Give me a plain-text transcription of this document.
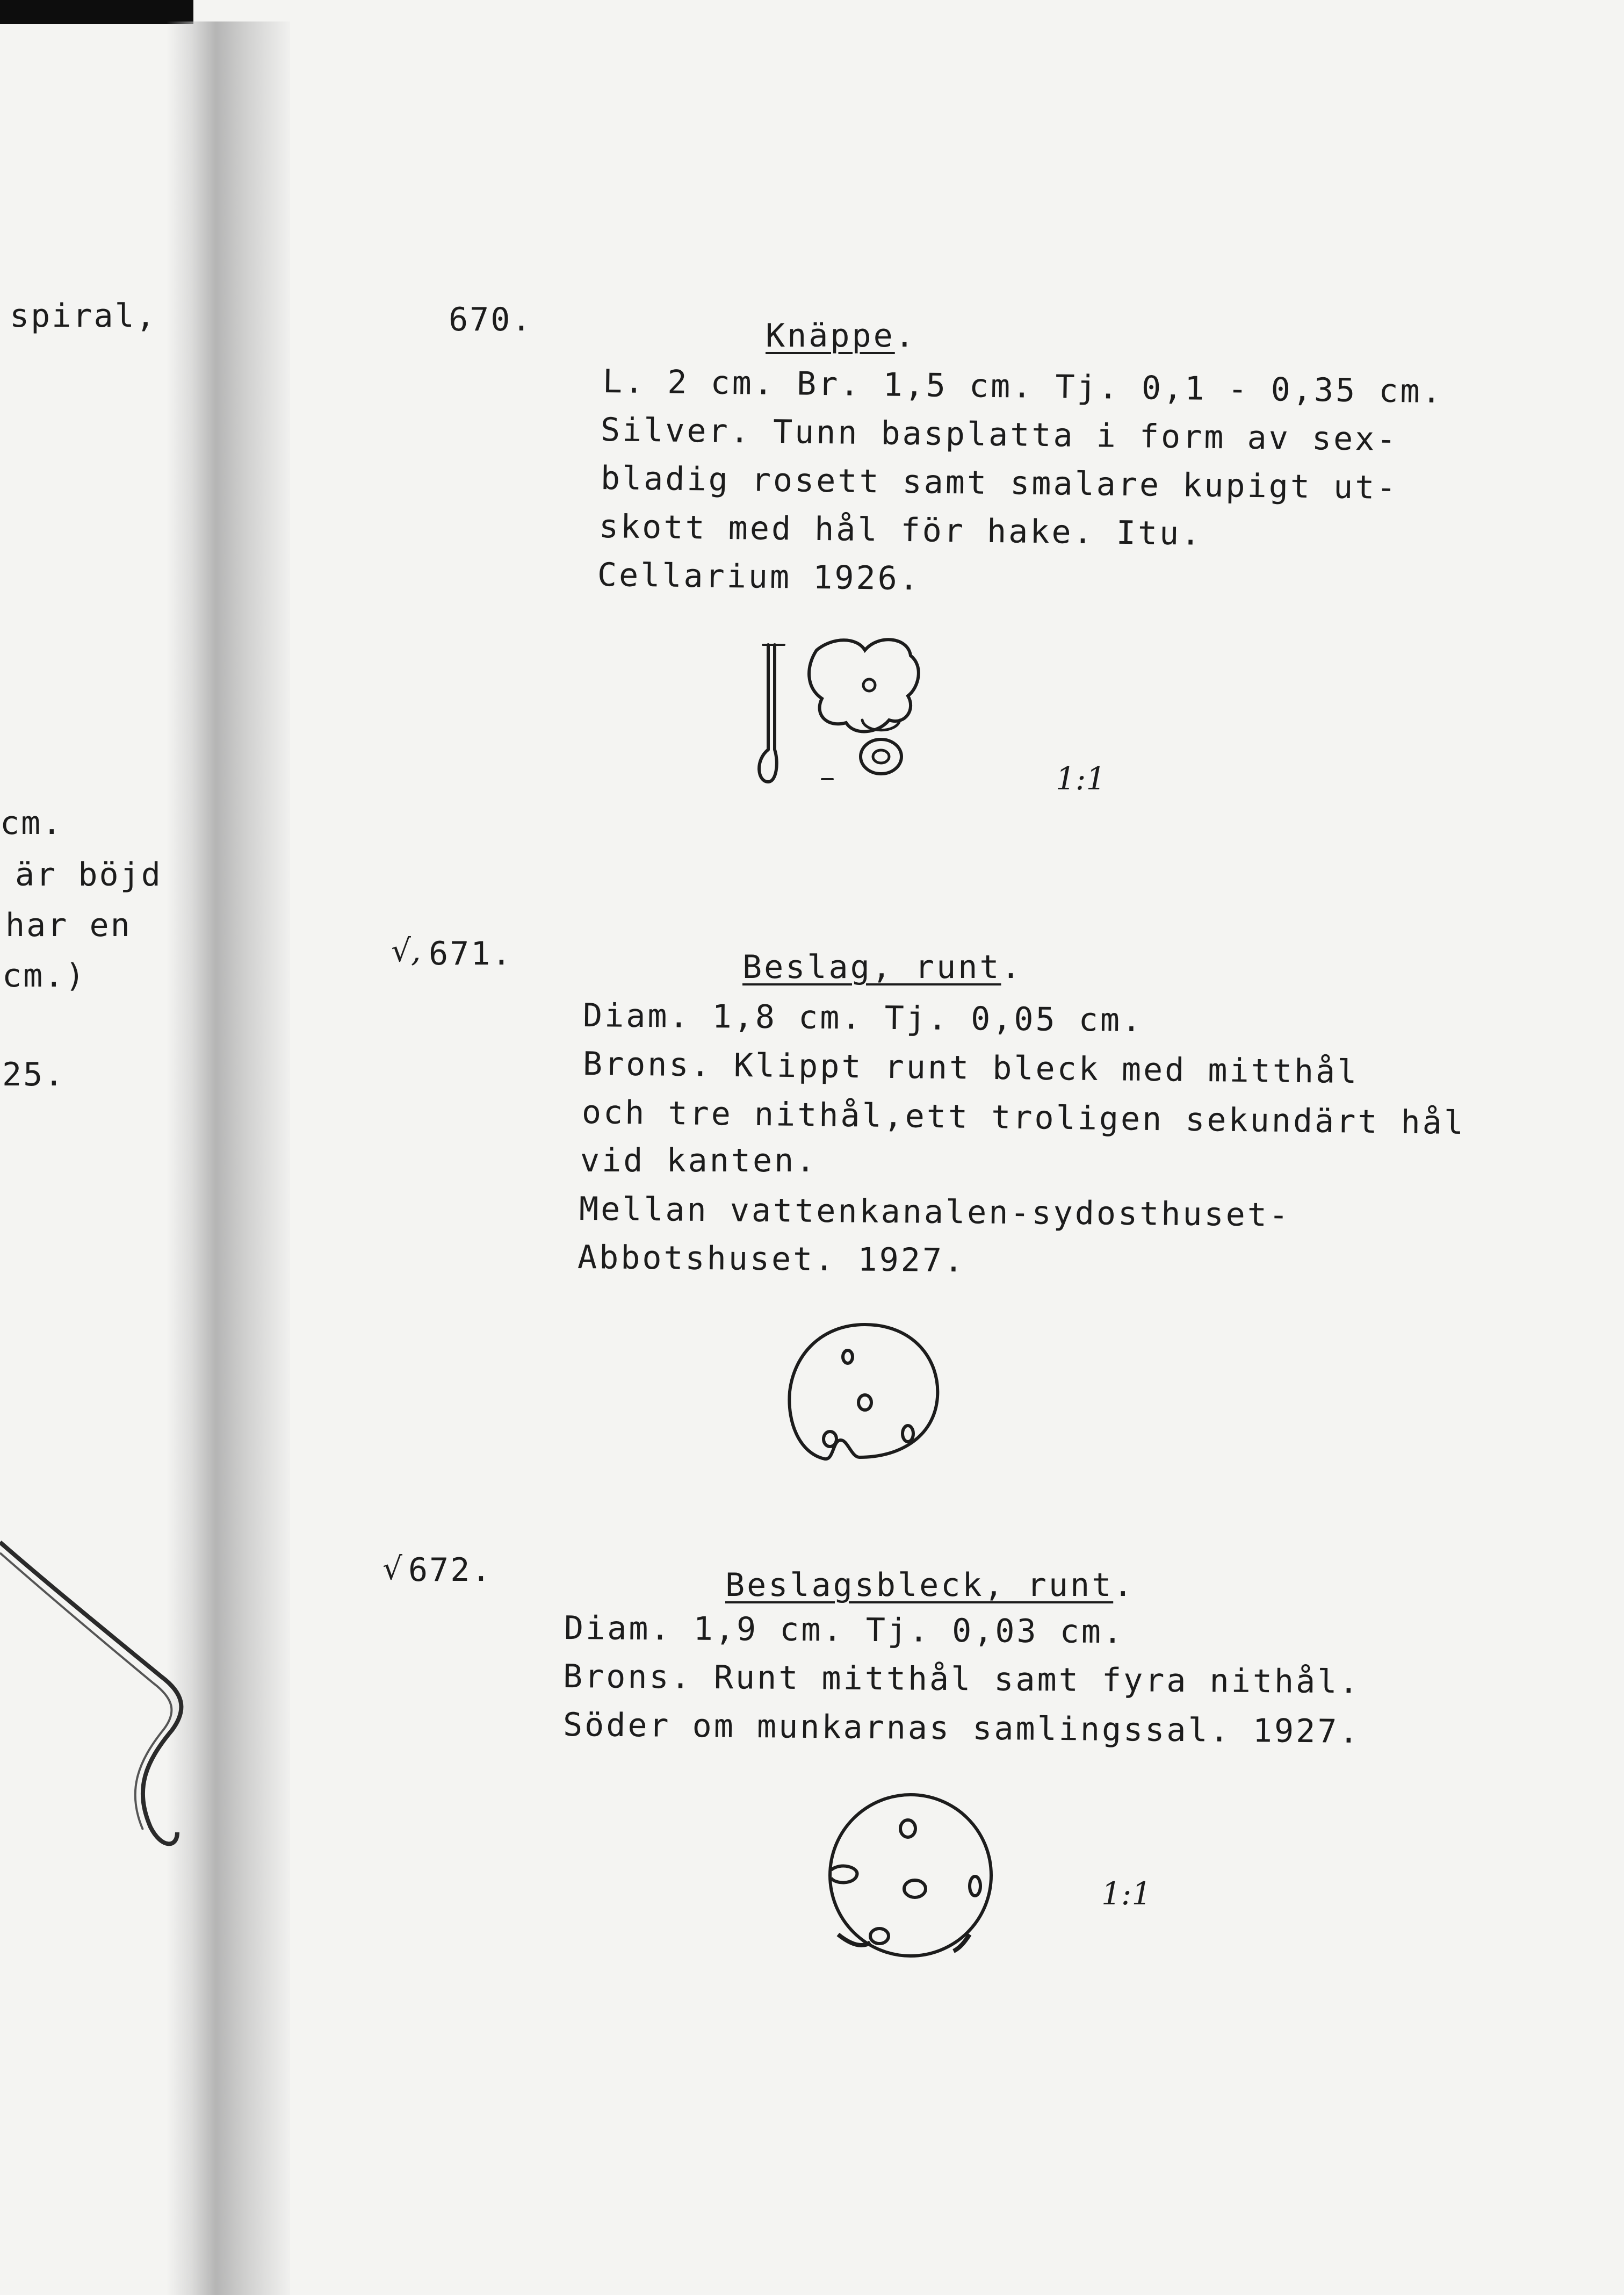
spiral,
cm.
är böjd
har en
cm.)
25.
670.	Knäppe.
L. 2 cm. Br. 1,5 cm. Tj. 0,1 - 0,35 cm.
Silver. Tunn basplatta i form av sex-
bladig rosett samt smalare kupigt ut-
skott med hål för hake. Itu.
Cellarium 1926.
1:1
√, 671.	Beslag, runt.
Diam. 1,8 cm. Tj. 0,05 cm.
Brons. Klippt runt bleck med mitthål
och tre nithål,ett troligen sekundärt hål
vid kanten.
Mellan vattenkanalen-sydosthuset-
Abbotshuset. 1927.
√ 672.	Beslagsbleck, runt.
Diam. 1,9 cm. Tj. 0,03 cm.
Brons. Runt mitthål samt fyra nithål.
Söder om munkarnas samlingssal. 1927.
1:1
